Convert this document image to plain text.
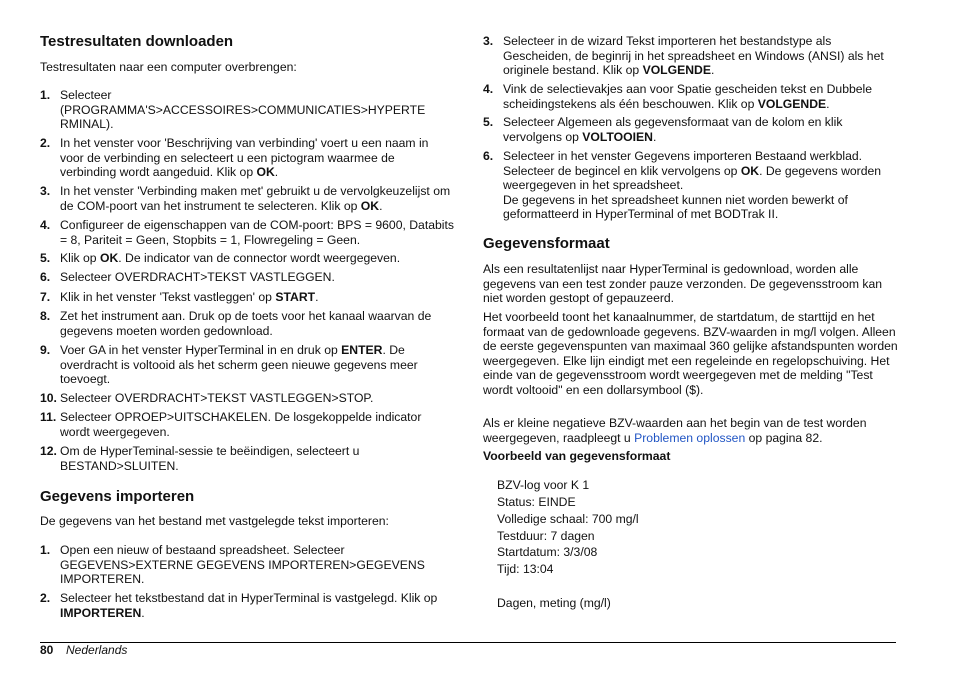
Testresultaten downloaden
Testresultaten naar een computer overbrengen:
1. Selecteer
(PROGRAMMA'S>ACCESSOIRES>COMMUNICATIES>HYPERTE
RMINAL).
2. In het venster voor 'Beschrijving van verbinding' voert u een naam in voor de verbinding en selecteert u een pictogram waarmee de verbinding wordt aangeduid. Klik op OK.
3. In het venster 'Verbinding maken met' gebruikt u de vervolgkeuzelijst om de COM-poort van het instrument te selecteren. Klik op OK.
4. Configureer de eigenschappen van de COM-poort: BPS = 9600, Databits = 8, Pariteit = Geen, Stopbits = 1, Flowregeling = Geen.
5. Klik op OK. De indicator van de connector wordt weergegeven.
6. Selecteer OVERDRACHT>TEKST VASTLEGGEN.
7. Klik in het venster 'Tekst vastleggen' op START.
8. Zet het instrument aan. Druk op de toets voor het kanaal waarvan de gegevens moeten worden gedownload.
9. Voer GA in het venster HyperTerminal in en druk op ENTER. De overdracht is voltooid als het scherm geen nieuwe gegevens meer toevoegt.
10. Selecteer OVERDRACHT>TEKST VASTLEGGEN>STOP.
11. Selecteer OPROEP>UITSCHAKELEN. De losgekoppelde indicator wordt weergegeven.
12. Om de HyperTeminal-sessie te beëindigen, selecteert u BESTAND>SLUITEN.
Gegevens importeren
De gegevens van het bestand met vastgelegde tekst importeren:
1. Open een nieuw of bestaand spreadsheet. Selecteer GEGEVENS>EXTERNE GEGEVENS IMPORTEREN>GEGEVENS IMPORTEREN.
2. Selecteer het tekstbestand dat in HyperTerminal is vastgelegd. Klik op IMPORTEREN.
3. Selecteer in de wizard Tekst importeren het bestandstype als Gescheiden, de beginrij in het spreadsheet en Windows (ANSI) als het originele bestand. Klik op VOLGENDE.
4. Vink de selectievakjes aan voor Spatie gescheiden tekst en Dubbele scheidingstekens als één beschouwen. Klik op VOLGENDE.
5. Selecteer Algemeen als gegevensformaat van de kolom en klik vervolgens op VOLTOOIEN.
6. Selecteer in het venster Gegevens importeren Bestaand werkblad. Selecteer de begincel en klik vervolgens op OK. De gegevens worden weergegeven in het spreadsheet.
De gegevens in het spreadsheet kunnen niet worden bewerkt of geformatteerd in HyperTerminal of met BODTrak II.
Gegevensformaat
Als een resultatenlijst naar HyperTerminal is gedownload, worden alle gegevens van een test zonder pauze verzonden. De gegevensstroom kan niet worden gestopt of gepauzeerd.
Het voorbeeld toont het kanaalnummer, de startdatum, de starttijd en het formaat van de gedownloade gegevens. BZV-waarden in mg/l volgen. Alleen de eerste gegevenspunten van maximaal 360 gelijke afstandspunten worden weergegeven. Elke lijn eindigt met een regeleinde en regelopschuiving. Het einde van de gegevensstroom wordt weergegeven met de melding "Test wordt voltooid" en een dollarsymbool ($).
Als er kleine negatieve BZV-waarden aan het begin van de test worden weergegeven, raadpleegt u Problemen oplossen op pagina 82.
Voorbeeld van gegevensformaat
BZV-log voor K 1
Status: EINDE
Volledige schaal: 700 mg/l
Testduur: 7 dagen
Startdatum: 3/3/08
Tijd: 13:04
Dagen, meting (mg/l)
80 Nederlands
